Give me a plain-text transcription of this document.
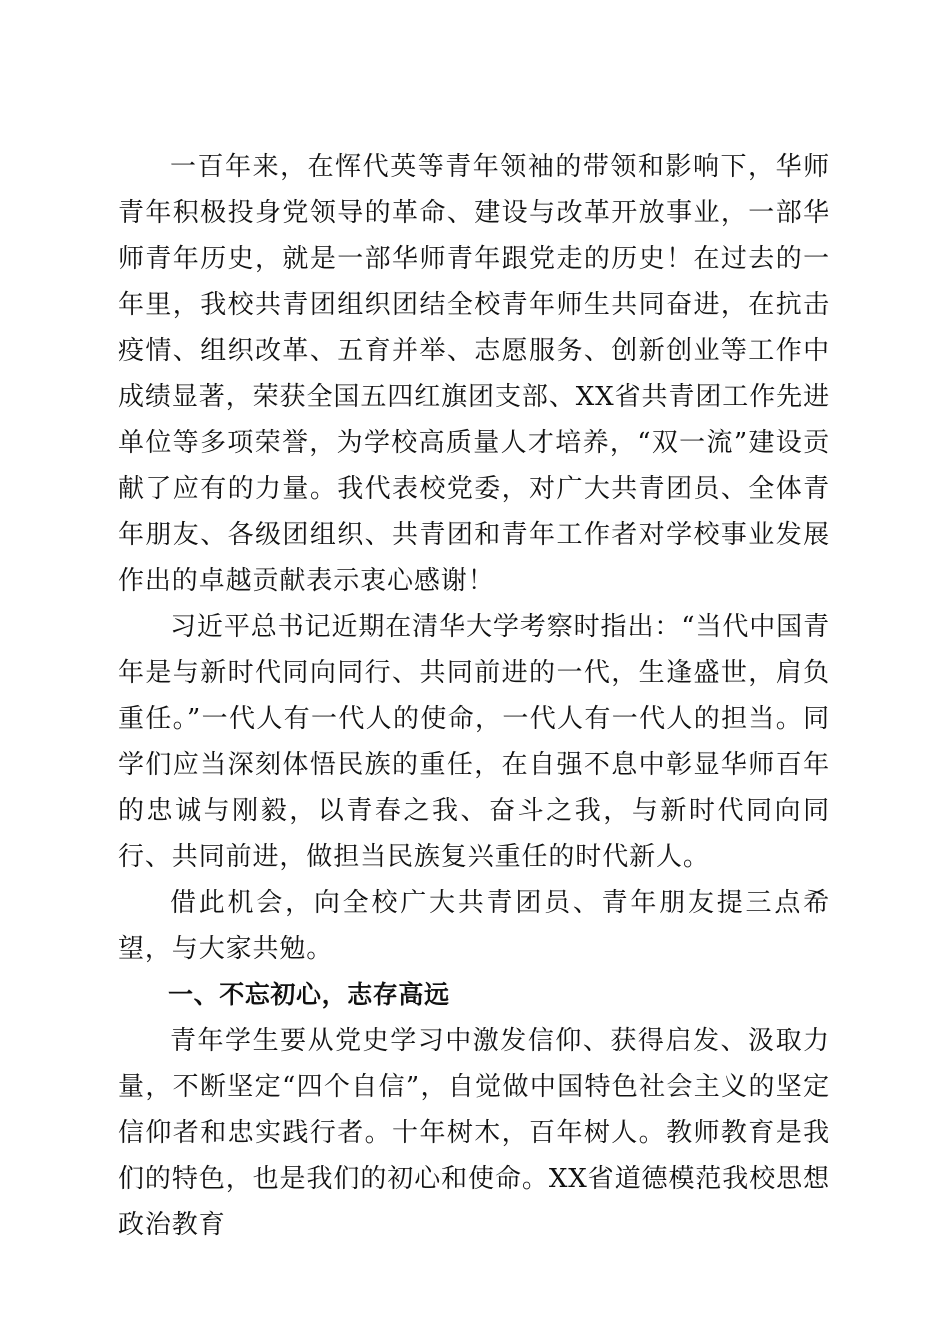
一百年来，在恽代英等青年领袖的带领和影响下，华师青年积极投身党领导的革命、建设与改革开放事业，一部华师青年历史，就是一部华师青年跟党走的历史！在过去的一年里，我校共青团组织团结全校青年师生共同奋进，在抗击疫情、组织改革、五育并举、志愿服务、创新创业等工作中成绩显著，荣获全国五四红旗团支部、XX省共青团工作先进单位等多项荣誉，为学校高质量人才培养，“双一流”建设贡献了应有的力量。我代表校党委，对广大共青团员、全体青年朋友、各级团组织、共青团和青年工作者对学校事业发展作出的卓越贡献表示衷心感谢！

习近平总书记近期在清华大学考察时指出：“当代中国青年是与新时代同向同行、共同前进的一代，生逢盛世，肩负重任。”一代人有一代人的使命，一代人有一代人的担当。同学们应当深刻体悟民族的重任，在自强不息中彰显华师百年的忠诚与刚毅，以青春之我、奋斗之我，与新时代同向同行、共同前进，做担当民族复兴重任的时代新人。

借此机会，向全校广大共青团员、青年朋友提三点希望，与大家共勉。

一、不忘初心，志存高远

青年学生要从党史学习中激发信仰、获得启发、汲取力量，不断坚定“四个自信”，自觉做中国特色社会主义的坚定信仰者和忠实践行者。十年树木，百年树人。教师教育是我们的特色，也是我们的初心和使命。XX省道德模范我校思想政治教育
